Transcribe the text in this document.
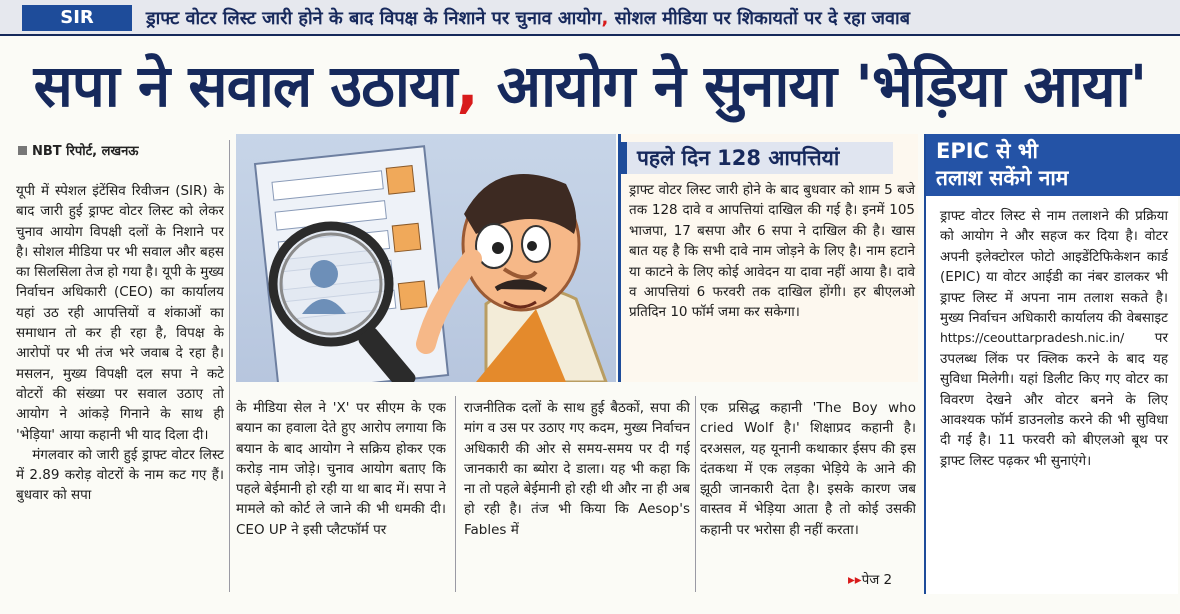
SIR	ड्राफ्ट वोटर लिस्ट जारी होने के बाद विपक्ष के निशाने पर चुनाव आयोग, सोशल मीडिया पर शिकायतों पर दे रहा जवाब
सपा ने सवाल उठाया, आयोग ने सुनाया 'भेड़िया आया'
NBT रिपोर्ट, लखनऊ

यूपी में स्पेशल इंटेंसिव रिवीजन (SIR) के बाद जारी हुई ड्राफ्ट वोटर लिस्ट को लेकर चुनाव आयोग विपक्षी दलों के निशाने पर है। सोशल मीडिया पर भी सवाल और बहस का सिलसिला तेज हो गया है। यूपी के मुख्य निर्वाचन अधिकारी (CEO) का कार्यालय यहां उठ रही आपत्तियों व शंकाओं का समाधान तो कर ही रहा है, विपक्ष के आरोपों पर भी तंज भरे जवाब दे रहा है। मसलन, मुख्य विपक्षी दल सपा ने कटे वोटरों की संख्या पर सवाल उठाए तो आयोग ने आंकड़े गिनाने के साथ ही 'भेड़िया' आया कहानी भी याद दिला दी।

मंगलवार को जारी हुई ड्राफ्ट वोटर लिस्ट में 2.89 करोड़ वोटरों के नाम कट गए हैं। बुधवार को सपा

पहले दिन 128 आपत्तियां
ड्राफ्ट वोटर लिस्ट जारी होने के बाद बुधवार को शाम 5 बजे तक 128 दावे व आपत्तियां दाखिल की गई है। इनमें 105 भाजपा, 17 बसपा और 6 सपा ने दाखिल की है। खास बात यह है कि सभी दावे नाम जोड़ने के लिए है। नाम हटाने या काटने के लिए कोई आवेदन या दावा नहीं आया है। दावे व आपत्तियां 6 फरवरी तक दाखिल होंगी। हर बीएलओ प्रतिदिन 10 फॉर्म जमा कर सकेगा।
EPIC से भी
तलाश सकेंगे नाम
ड्राफ्ट वोटर लिस्ट से नाम तलाशने की प्रक्रिया को आयोग ने और सहज कर दिया है। वोटर अपनी इलेक्टोरल फोटो आइडेंटिफिकेशन कार्ड (EPIC) या वोटर आईडी का नंबर डालकर भी ड्राफ्ट लिस्ट में अपना नाम तलाश सकते है। मुख्य निर्वाचन अधिकारी कार्यालय की वेबसाइट https://ceouttarpradesh.nic.in/ पर उपलब्ध लिंक पर क्लिक करने के बाद यह सुविधा मिलेगी। यहां डिलीट किए गए वोटर का विवरण देखने और वोटर बनने के लिए आवश्यक फॉर्म डाउनलोड करने की भी सुविधा दी गई है। 11 फरवरी को बीएलओ बूथ पर ड्राफ्ट लिस्ट पढ़कर भी सुनाएंगे।

के मीडिया सेल ने 'X' पर सीएम के एक बयान का हवाला देते हुए आरोप लगाया कि बयान के बाद आयोग ने सक्रिय होकर एक करोड़ नाम जोड़े। चुनाव आयोग बताए कि पहले बेईमानी हो रही या था बाद में। सपा ने मामले को कोर्ट ले जाने की भी धमकी दी। CEO UP ने इसी प्लैटफॉर्म पर

राजनीतिक दलों के साथ हुई बैठकों, सपा की मांग व उस पर उठाए गए कदम, मुख्य निर्वाचन अधिकारी की ओर से समय-समय पर दी गई जानकारी का ब्योरा दे डाला। यह भी कहा कि ना तो पहले बेईमानी हो रही थी और ना ही अब हो रही है। तंज भी किया कि Aesop's Fables में

एक प्रसिद्ध कहानी 'The Boy who cried Wolf है।' शिक्षाप्रद कहानी है। दरअसल, यह यूनानी कथाकार ईसप की इस दंतकथा में एक लड़का भेड़िये के आने की झूठी जानकारी देता है। इसके कारण जब वास्तव में भेड़िया आता है तो कोई उसकी कहानी पर भरोसा ही नहीं करता।

▸▸पेज 2
